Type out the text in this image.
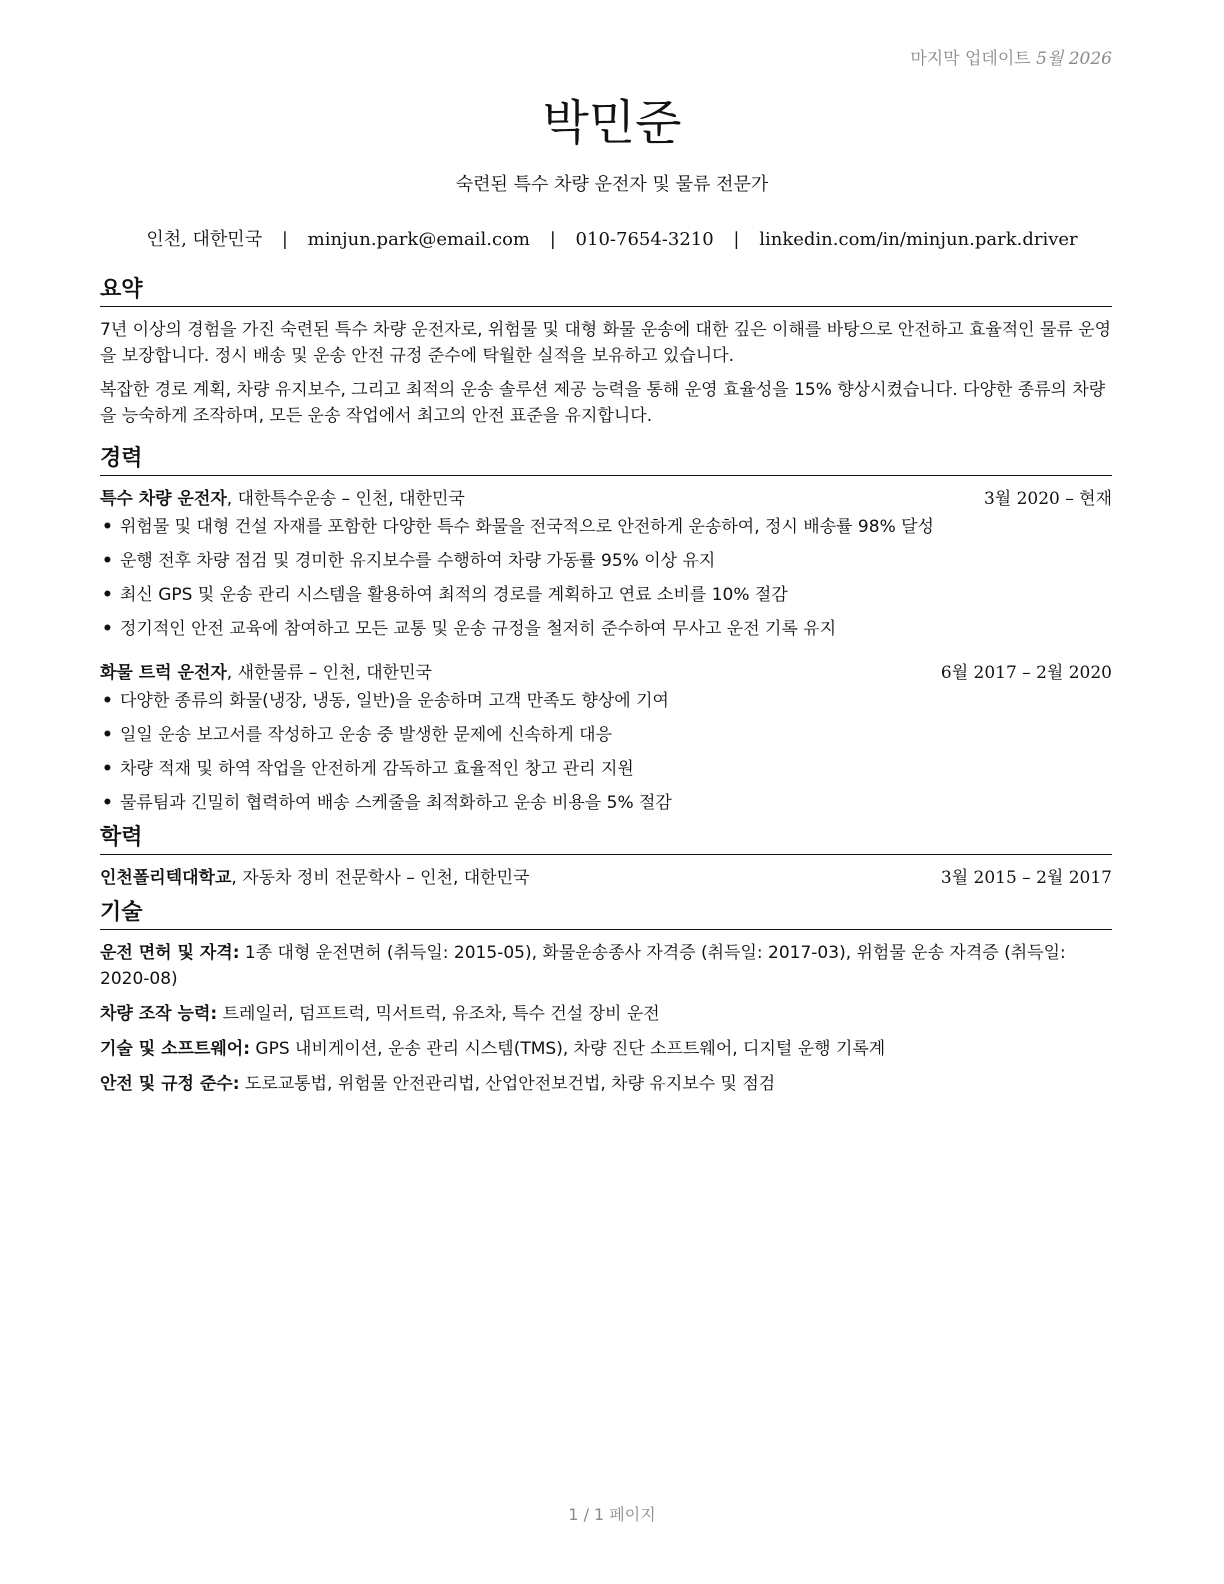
마지막 업데이트 5월 2026
박민준
숙련된 특수 차량 운전자 및 물류 전문가
인천, 대한민국 | minjun.park@email.com | 010-7654-3210 | linkedin.com/in/minjun.park.driver
요약

7년 이상의 경험을 가진 숙련된 특수 차량 운전자로, 위험물 및 대형 화물 운송에 대한 깊은 이해를 바탕으로 안전하고 효율적인 물류 운영을 보장합니다. 정시 배송 및 운송 안전 규정 준수에 탁월한 실적을 보유하고 있습니다.

복잡한 경로 계획, 차량 유지보수, 그리고 최적의 운송 솔루션 제공 능력을 통해 운영 효율성을 15% 향상시켰습니다. 다양한 종류의 차량을 능숙하게 조작하며, 모든 운송 작업에서 최고의 안전 표준을 유지합니다.

경력
특수 차량 운전자, 대한특수운송 – 인천, 대한민국	3월 2020 – 현재
• 위험물 및 대형 건설 자재를 포함한 다양한 특수 화물을 전국적으로 안전하게 운송하여, 정시 배송률 98% 달성
• 운행 전후 차량 점검 및 경미한 유지보수를 수행하여 차량 가동률 95% 이상 유지
• 최신 GPS 및 운송 관리 시스템을 활용하여 최적의 경로를 계획하고 연료 소비를 10% 절감
• 정기적인 안전 교육에 참여하고 모든 교통 및 운송 규정을 철저히 준수하여 무사고 운전 기록 유지
화물 트럭 운전자, 새한물류 – 인천, 대한민국	6월 2017 – 2월 2020
• 다양한 종류의 화물(냉장, 냉동, 일반)을 운송하며 고객 만족도 향상에 기여
• 일일 운송 보고서를 작성하고 운송 중 발생한 문제에 신속하게 대응
• 차량 적재 및 하역 작업을 안전하게 감독하고 효율적인 창고 관리 지원
• 물류팀과 긴밀히 협력하여 배송 스케줄을 최적화하고 운송 비용을 5% 절감
학력
인천폴리텍대학교, 자동차 정비 전문학사 – 인천, 대한민국	3월 2015 – 2월 2017
기술

운전 면허 및 자격: 1종 대형 운전면허 (취득일: 2015-05), 화물운송종사 자격증 (취득일: 2017-03), 위험물 운송 자격증 (취득일: 2020-08)

차량 조작 능력: 트레일러, 덤프트럭, 믹서트럭, 유조차, 특수 건설 장비 운전

기술 및 소프트웨어: GPS 내비게이션, 운송 관리 시스템(TMS), 차량 진단 소프트웨어, 디지털 운행 기록계

안전 및 규정 준수: 도로교통법, 위험물 안전관리법, 산업안전보건법, 차량 유지보수 및 점검

1 / 1 페이지
